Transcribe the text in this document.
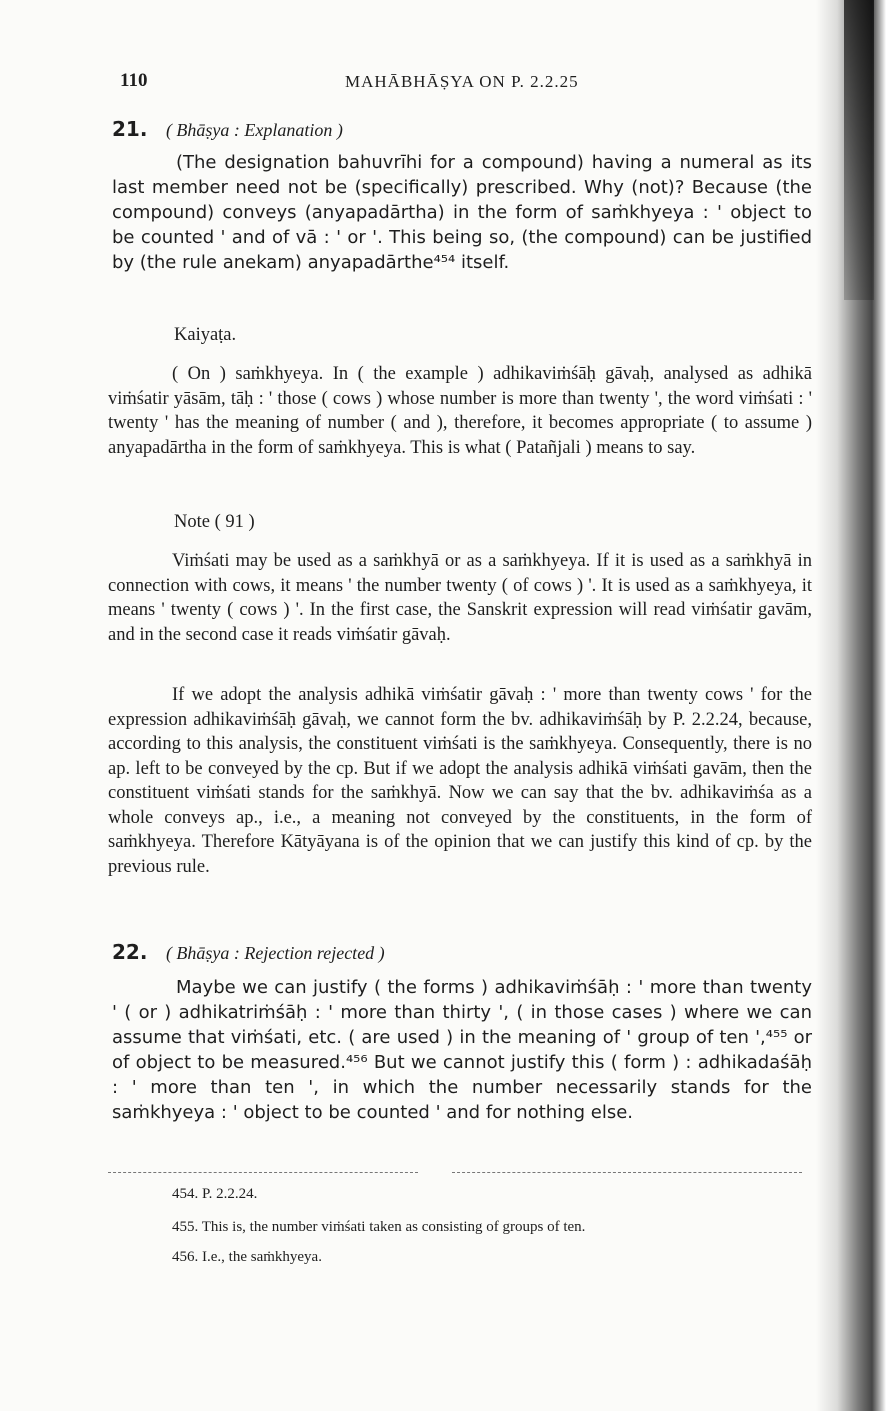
110	MAHĀBHĀṢYA ON P. 2.2.25
21. ( Bhāṣya : Explanation )

(The designation bahuvrīhi for a compound) having a numeral as its last member need not be (specifically) prescribed. Why (not)? Because (the compound) conveys (anyapadārtha) in the form of saṁkhyeya : ' object to be counted ' and of vā : ' or '. This being so, (the compound) can be justified by (the rule anekam) anyapadārthe⁴⁵⁴ itself.

Kaiyaṭa.

( On ) saṁkhyeya. In ( the example ) adhikaviṁśāḥ gāvaḥ, analysed as adhikā viṁśatir yāsām, tāḥ : ' those ( cows ) whose number is more than twenty ', the word viṁśati : ' twenty ' has the meaning of number ( and ), therefore, it becomes appropriate ( to assume ) anyapadārtha in the form of saṁkhyeya. This is what ( Patañjali ) means to say.

Note ( 91 )

Viṁśati may be used as a saṁkhyā or as a saṁkhyeya. If it is used as a saṁkhyā in connection with cows, it means ' the number twenty ( of cows ) '. It is used as a saṁkhyeya, it means ' twenty ( cows ) '. In the first case, the Sanskrit expression will read viṁśatir gavām, and in the second case it reads viṁśatir gāvaḥ.

If we adopt the analysis adhikā viṁśatir gāvaḥ : ' more than twenty cows ' for the expression adhikaviṁśāḥ gāvaḥ, we cannot form the bv. adhikaviṁśāḥ by P. 2.2.24, because, according to this analysis, the constituent viṁśati is the saṁkhyeya. Consequently, there is no ap. left to be conveyed by the cp. But if we adopt the analysis adhikā viṁśati gavām, then the constituent viṁśati stands for the saṁkhyā. Now we can say that the bv. adhikaviṁśa as a whole conveys ap., i.e., a meaning not conveyed by the constituents, in the form of saṁkhyeya. Therefore Kātyāyana is of the opinion that we can justify this kind of cp. by the previous rule.

22. ( Bhāṣya : Rejection rejected )

Maybe we can justify ( the forms ) adhikaviṁśāḥ : ' more than twenty ' ( or ) adhikatriṁśāḥ : ' more than thirty ', ( in those cases ) where we can assume that viṁśati, etc. ( are used ) in the meaning of ' group of ten ',⁴⁵⁵ or of object to be measured.⁴⁵⁶ But we cannot justify this ( form ) : adhikadaśāḥ : ' more than ten ', in which the number necessarily stands for the saṁkhyeya : ' object to be counted ' and for nothing else.

454. P. 2.2.24.
455. This is, the number viṁśati taken as consisting of groups of ten.
456. I.e., the saṁkhyeya.
